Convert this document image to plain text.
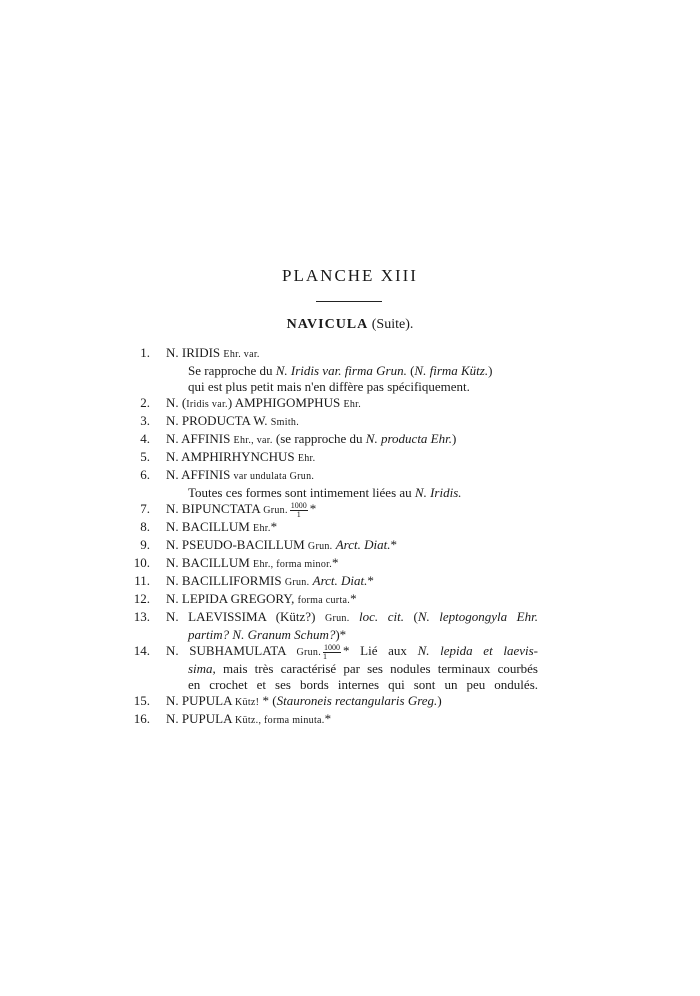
PLANCHE XIII
NAVICULA (Suite).
1. N. IRIDIS Ehr. var.
Se rapproche du N. Iridis var. firma Grun. (N. firma Kütz.)
qui est plus petit mais n'en diffère pas spécifiquement.
2. N. (Iridis var.) AMPHIGOMPHUS Ehr.
3. N. PRODUCTA W. Smith.
4. N. AFFINIS Ehr., var. (se rapproche du N. producta Ehr.)
5. N. AMPHIRHYNCHUS Ehr.
6. N. AFFINIS var undulata Grun.
Toutes ces formes sont intimement liées au N. Iridis.
7. N. BIPUNCTATA Grun. $\frac{1000}{1}$ *
8. N. BACILLUM Ehr.*
9. N. PSEUDO-BACILLUM Grun. Arct. Diat.*
10. N. BACILLUM Ehr., forma minor.*
11. N. BACILLIFORMIS Grun. Arct. Diat.*
12. N. LEPIDA GREGORY, forma curta.*
13. N. LAEVISSIMA (Kütz?) Grun. loc. cit. (N. leptogongyla Ehr.
partim? N. Granum Schum?)*
14. N. SUBHAMULATA Grun. $\frac{1000}{1}$ * Lié aux N. lepida et laevis-
sima, mais très caractérisé par ses nodules terminaux courbés
en crochet et ses bords internes qui sont un peu ondulés.
15. N. PUPULA Kütz! * (Stauroneis rectangularis Greg.)
16. N. PUPULA Kütz., forma minuta.*
